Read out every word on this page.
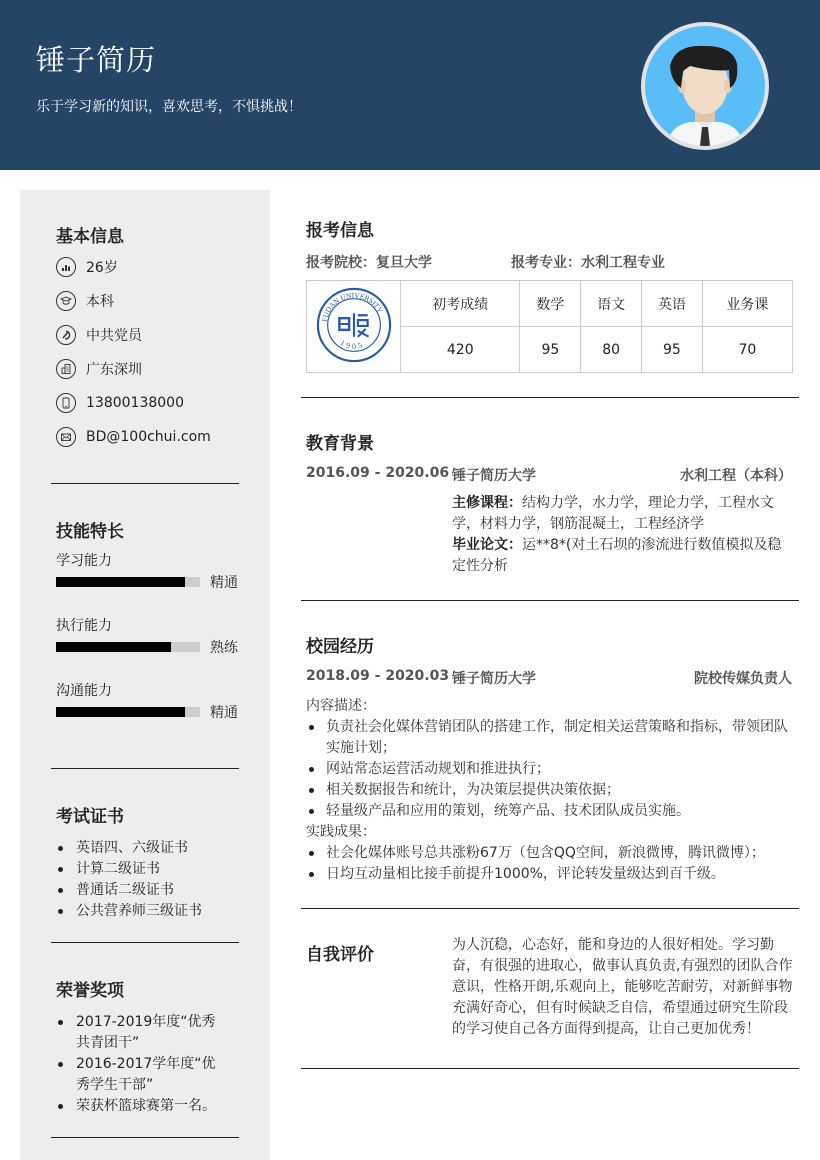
锤子简历
乐于学习新的知识，喜欢思考，不惧挑战！
基本信息
26岁
本科
中共党员
广东深圳
13800138000
BD@100chui.com
技能特长
学习能力
精通
执行能力
熟练
沟通能力
精通
考试证书
英语四、六级证书
计算二级证书
普通话二级证书
公共营养师三级证书
荣誉奖项
2017-2019年度“优秀共青团干”
2016-2017学年度“优秀学生干部”
荣获杯篮球赛第一名。
报考信息
报考院校：复旦大学	报考专业：水利工程专业
FUDAN UNIVERSITY
1905	初考成绩	数学	语文	英语	业务课
	420	95	80	95	70
教育背景
2016.09 - 2020.06 锤子简历大学	水利工程（本科）
主修课程：结构力学，水力学，理论力学，工程水文学，材料力学，钢筋混凝土，工程经济学
毕业论文：运**8*(对土石坝的渗流进行数值模拟及稳定性分析
校园经历
2018.09 - 2020.03 锤子简历大学	院校传媒负责人
内容描述：
负责社会化媒体营销团队的搭建工作，制定相关运营策略和指标，带领团队实施计划；
网站常态运营活动规划和推进执行；
相关数据报告和统计，为决策层提供决策依据；
轻量级产品和应用的策划，统筹产品、技术团队成员实施。
实践成果：
社会化媒体账号总共涨粉67万（包含QQ空间，新浪微博，腾讯微博）；
日均互动量相比接手前提升1000%，评论转发量级达到百千级。
自我评价	为人沉稳，心态好，能和身边的人很好相处。学习勤奋，有很强的进取心，做事认真负责,有强烈的团队合作意识，性格开朗,乐观向上，能够吃苦耐劳，对新鲜事物充满好奇心，但有时候缺乏自信，希望通过研究生阶段的学习使自己各方面得到提高，让自己更加优秀！
